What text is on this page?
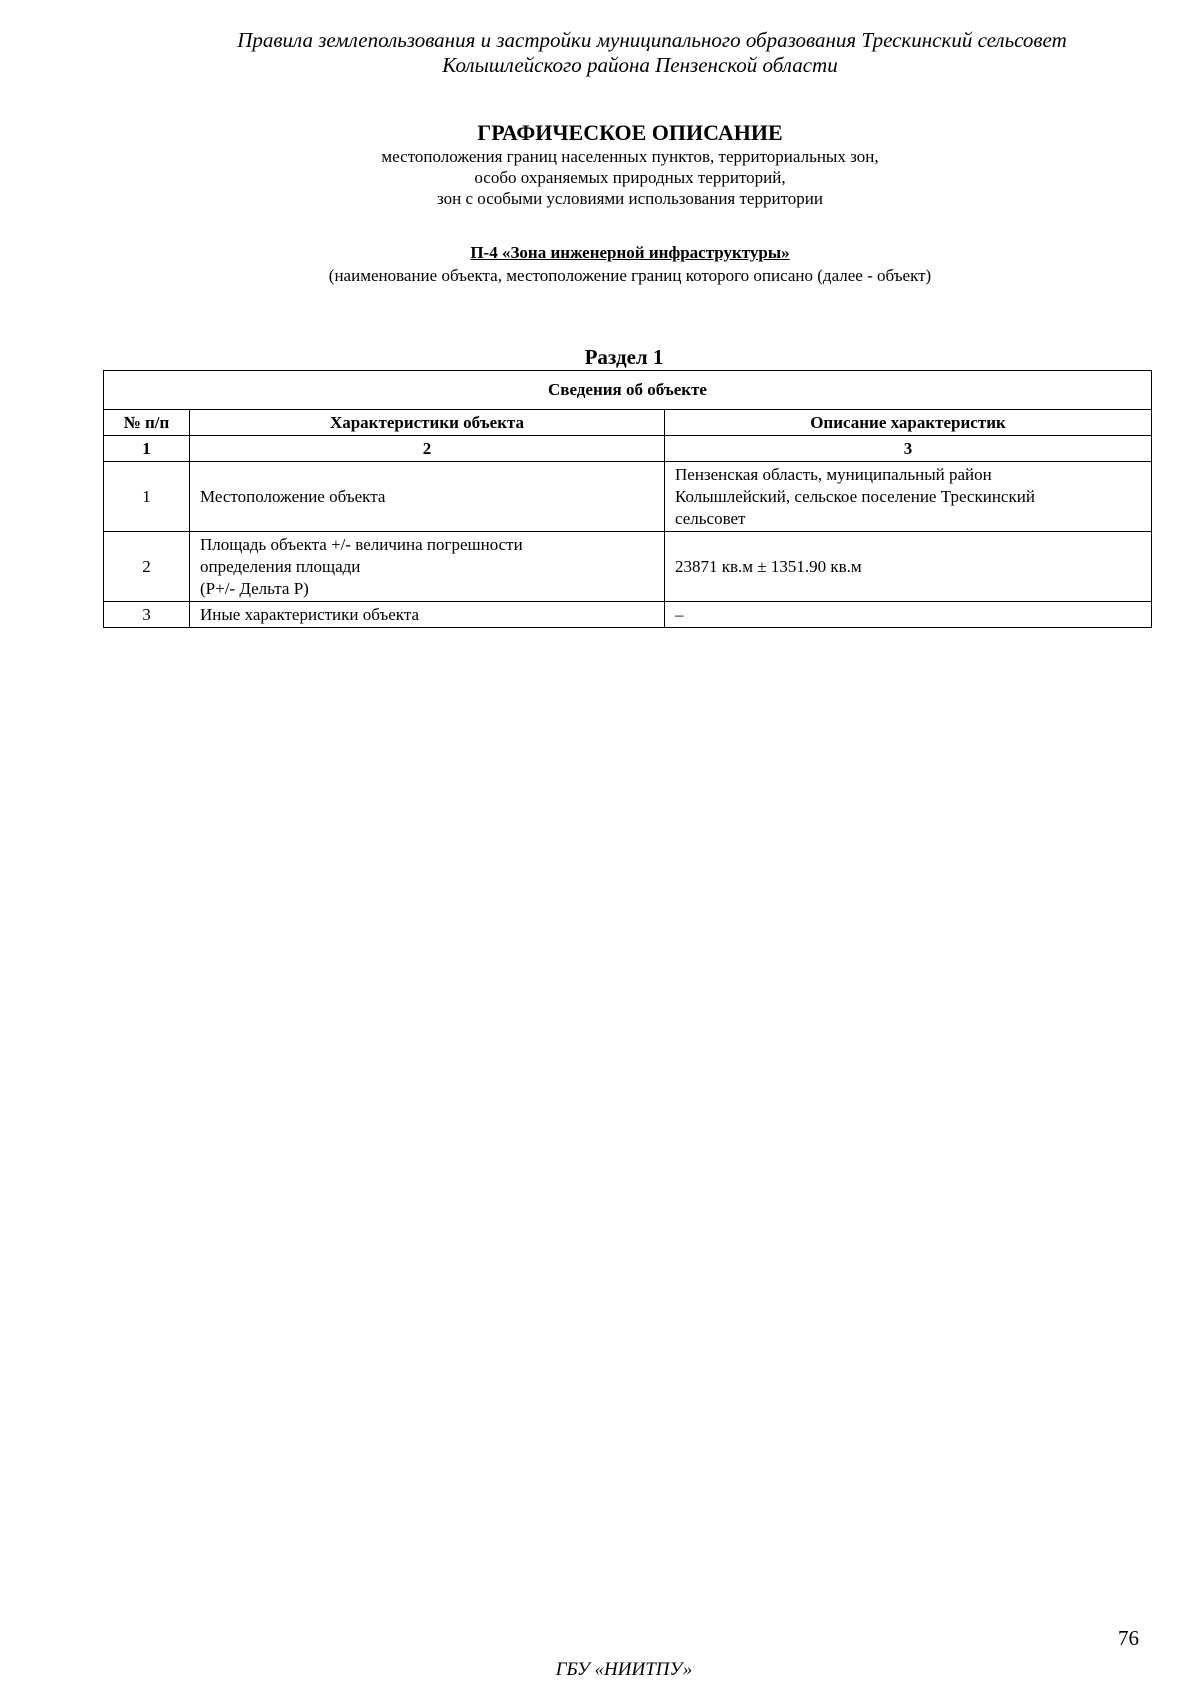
Правила землепользования и застройки муниципального образования Трескинский сельсовет
Колышлейского района Пензенской области
ГРАФИЧЕСКОЕ ОПИСАНИЕ
местоположения границ населенных пунктов, территориальных зон,
особо охраняемых природных территорий,
зон с особыми условиями использования территории
П-4 «Зона инженерной инфраструктуры»
(наименование объекта, местоположение границ которого описано (далее - объект)
Раздел 1
Сведения об объекте		
№ п/п	Характеристики объекта	Описание характеристик
1	2	3
1	Местоположение объекта	Пензенская область, муниципальный район
Колышлейский, сельское поселение Трескинский
сельсовет

2	Площадь объекта +/- величина погрешности
определения площади
(Р+/- Дельта Р)	23871 кв.м ± 1351.90 кв.м
3	Иные характеристики объекта	–
76
ГБУ «НИИТПУ»
